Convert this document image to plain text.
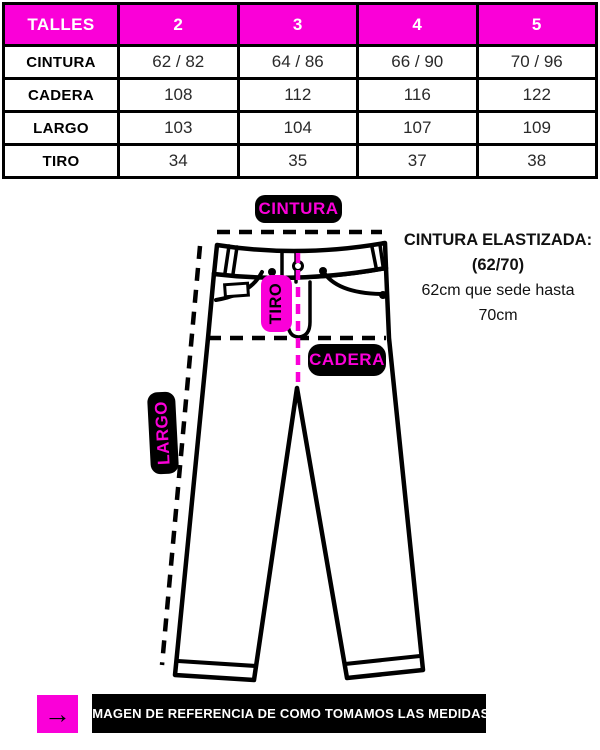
TALLES	2	3	4	5
CINTURA	62 / 82	64 / 86	66 / 90	70 / 96
CADERA	108	112	116	122
LARGO	103	104	107	109
TIRO	34	35	37	38
CINTURA
TIRO
CADERA
LARGO
CINTURA ELASTIZADA:
(62/70)
62cm que sede hasta
70cm
→ IMAGEN DE REFERENCIA DE COMO TOMAMOS LAS MEDIDAS
